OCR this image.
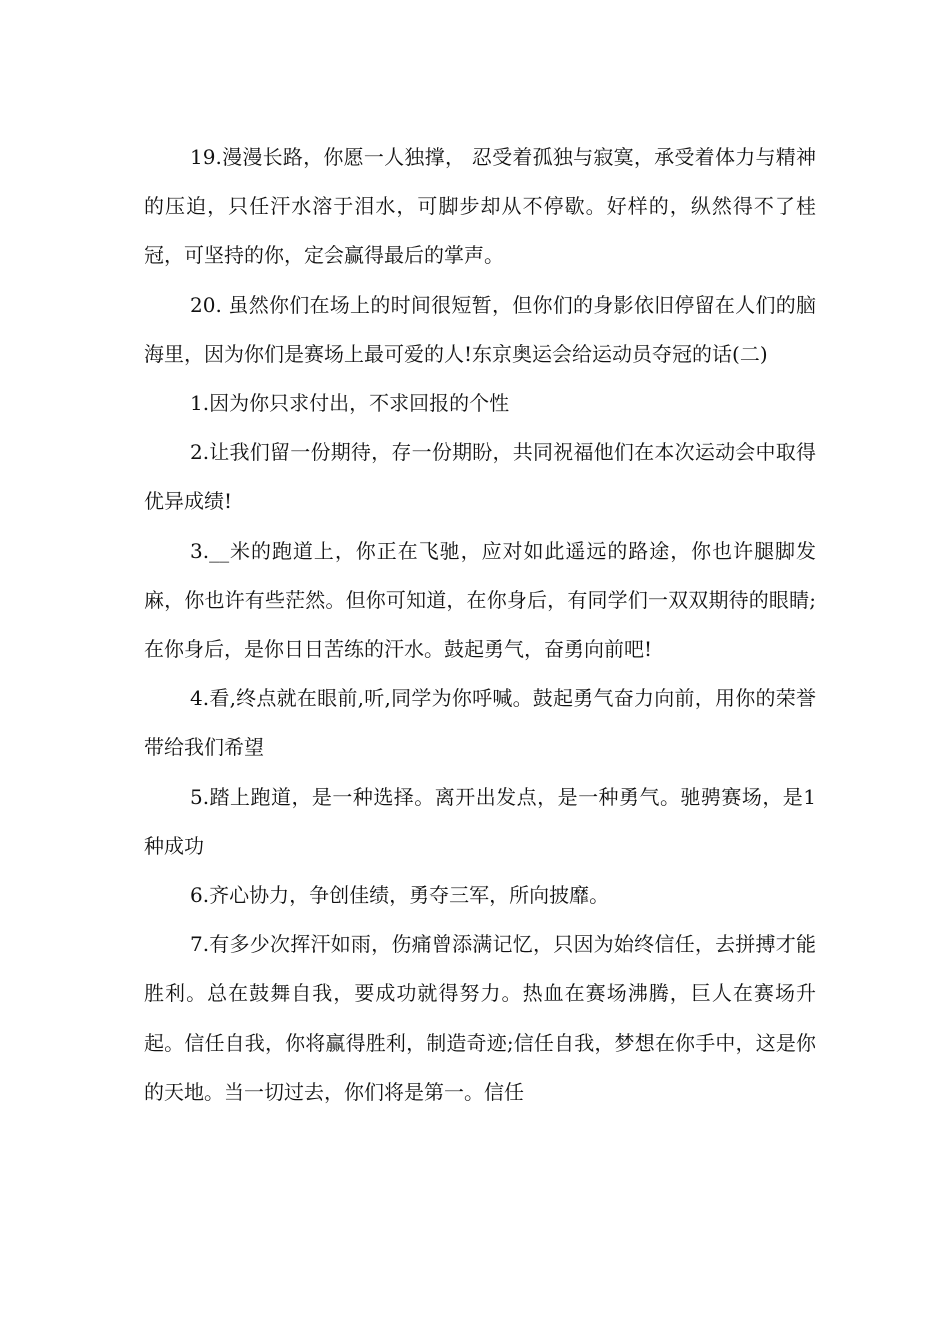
19.漫漫长路，你愿一人独撑， 忍受着孤独与寂寞，承受着体力与精神的压迫，只任汗水溶于泪水，可脚步却从不停歇。好样的，纵然得不了桂冠，可坚持的你，定会赢得最后的掌声。

20. 虽然你们在场上的时间很短暂，但你们的身影依旧停留在人们的脑海里，因为你们是赛场上最可爱的人!东京奥运会给运动员夺冠的话(二)

1.因为你只求付出，不求回报的个性

2.让我们留一份期待，存一份期盼，共同祝福他们在本次运动会中取得优异成绩!

3.__米的跑道上，你正在飞驰，应对如此遥远的路途，你也许腿脚发麻，你也许有些茫然。但你可知道，在你身后，有同学们一双双期待的眼睛;在你身后，是你日日苦练的汗水。鼓起勇气，奋勇向前吧!

4.看,终点就在眼前,听,同学为你呼喊。鼓起勇气奋力向前，用你的荣誉带给我们希望

5.踏上跑道，是一种选择。离开出发点，是一种勇气。驰骋赛场，是1种成功

6.齐心协力，争创佳绩，勇夺三军，所向披靡。

7.有多少次挥汗如雨，伤痛曾添满记忆，只因为始终信任，去拼搏才能胜利。总在鼓舞自我，要成功就得努力。热血在赛场沸腾，巨人在赛场升起。信任自我，你将赢得胜利，制造奇迹;信任自我，梦想在你手中，这是你的天地。当一切过去，你们将是第一。信任
